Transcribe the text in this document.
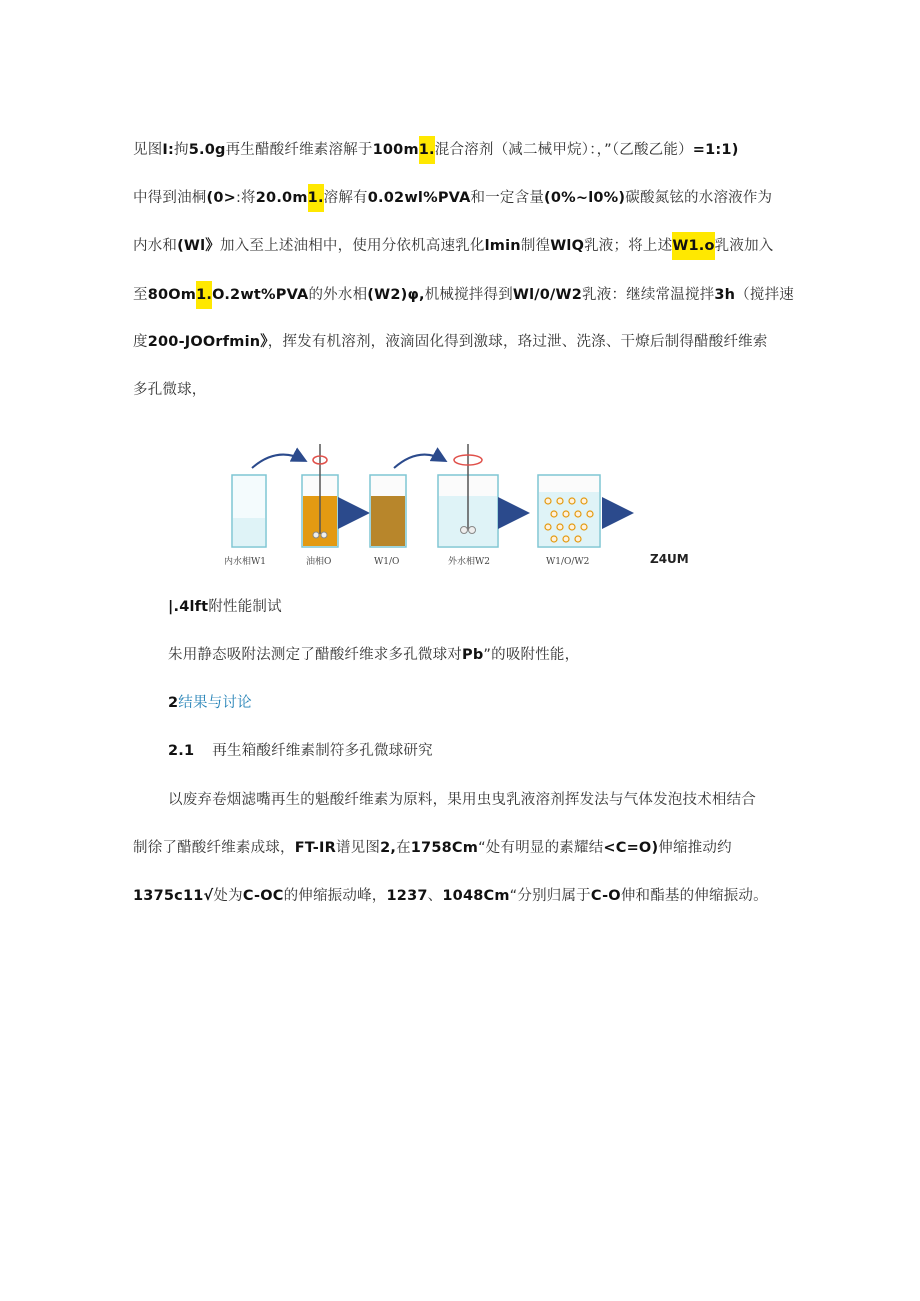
见图I:拘5.0g再生醋酸纤维素溶解于100m1.混合溶剂（减二械甲烷）：，”（乙酸乙能）=1:1)
中得到油桐(0>:将20.0m1.溶解有0.02wl%PVA和一定含量(0%~l0%)碳酸氮铉的水溶液作为
内水和(Wl》加入至上述油相中，使用分依机高速乳化lmin制徨WlQ乳液；将上述W1.o乳液加入
至80Om1.O.2wt%PVA的外水相(W2)φ,机械搅拌得到Wl/0/W2乳液：继续常温搅拌3h（搅拌速
度200-JOOrfmin》，挥发有机溶剂，液滴固化得到激球，珞过泄、洗涤、干燎后制得醋酸纤维索
多孔微球，
内水相W1	油相O	W1/O	外水相W2	W1/O/W2	Z4UM
|.4lft附性能制试
朱用静态吸附法测定了醋酸纤维求多孔微球对Pb”的吸附性能，
2结果与讨论
2.1 再生箱酸纤维素制符多孔微球研究
以废弃卷烟滤嘴再生的魁酸纤维素为原料，果用虫曳乳液溶剂挥发法与气体发泡技术相结合
制徐了醋酸纤维素成球，FT-IR谱见图2,在1758Cm“处有明显的素耀结<C=O)伸缩推动约
1375c11√处为C-OC的伸缩振动峰，1237、1048Cm“分别归属于C-O伸和酯基的伸缩振动。
